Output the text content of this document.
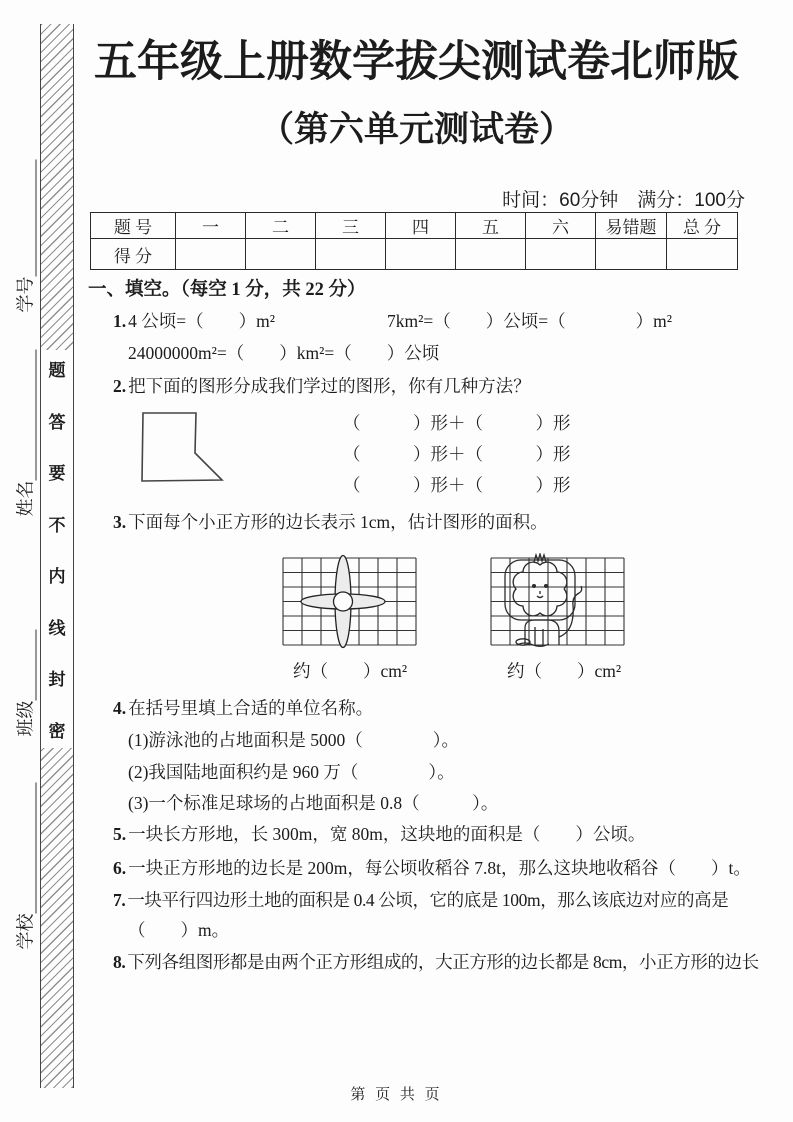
学号
姓名
班级
学校
题
答
要
不
内
线
封
密
五年级上册数学拔尖测试卷北师版
（第六单元测试卷）
时间：60分钟　满分：100分
题 号	一	二	三	四	五	六	易错题	总 分
得 分								
一、填空。（每空 1 分，共 22 分）
1. 4 公顷=（　　）m²	7km²=（　　）公顷=（　　　　）m²
24000000m²=（　　）km²=（　　）公顷
2. 把下面的图形分成我们学过的图形，你有几种方法？
（　　　）形＋（　　　）形
（　　　）形＋（　　　）形
（　　　）形＋（　　　）形
3. 下面每个小正方形的边长表示 1cm，估计图形的面积。
约（　　）cm²	约（　　）cm²
4. 在括号里填上合适的单位名称。
(1)游泳池的占地面积是 5000（　　　　）。
(2)我国陆地面积约是 960 万（　　　　）。
(3)一个标准足球场的占地面积是 0.8（　　　）。
5. 一块长方形地，长 300m，宽 80m，这块地的面积是（　　）公顷。
6. 一块正方形地的边长是 200m，每公顷收稻谷 7.8t，那么这块地收稻谷（　　）t。
7. 一块平行四边形土地的面积是 0.4 公顷，它的底是 100m，那么该底边对应的高是
（　　）m。
8. 下列各组图形都是由两个正方形组成的，大正方形的边长都是 8cm，小正方形的边长
第 页 共 页
